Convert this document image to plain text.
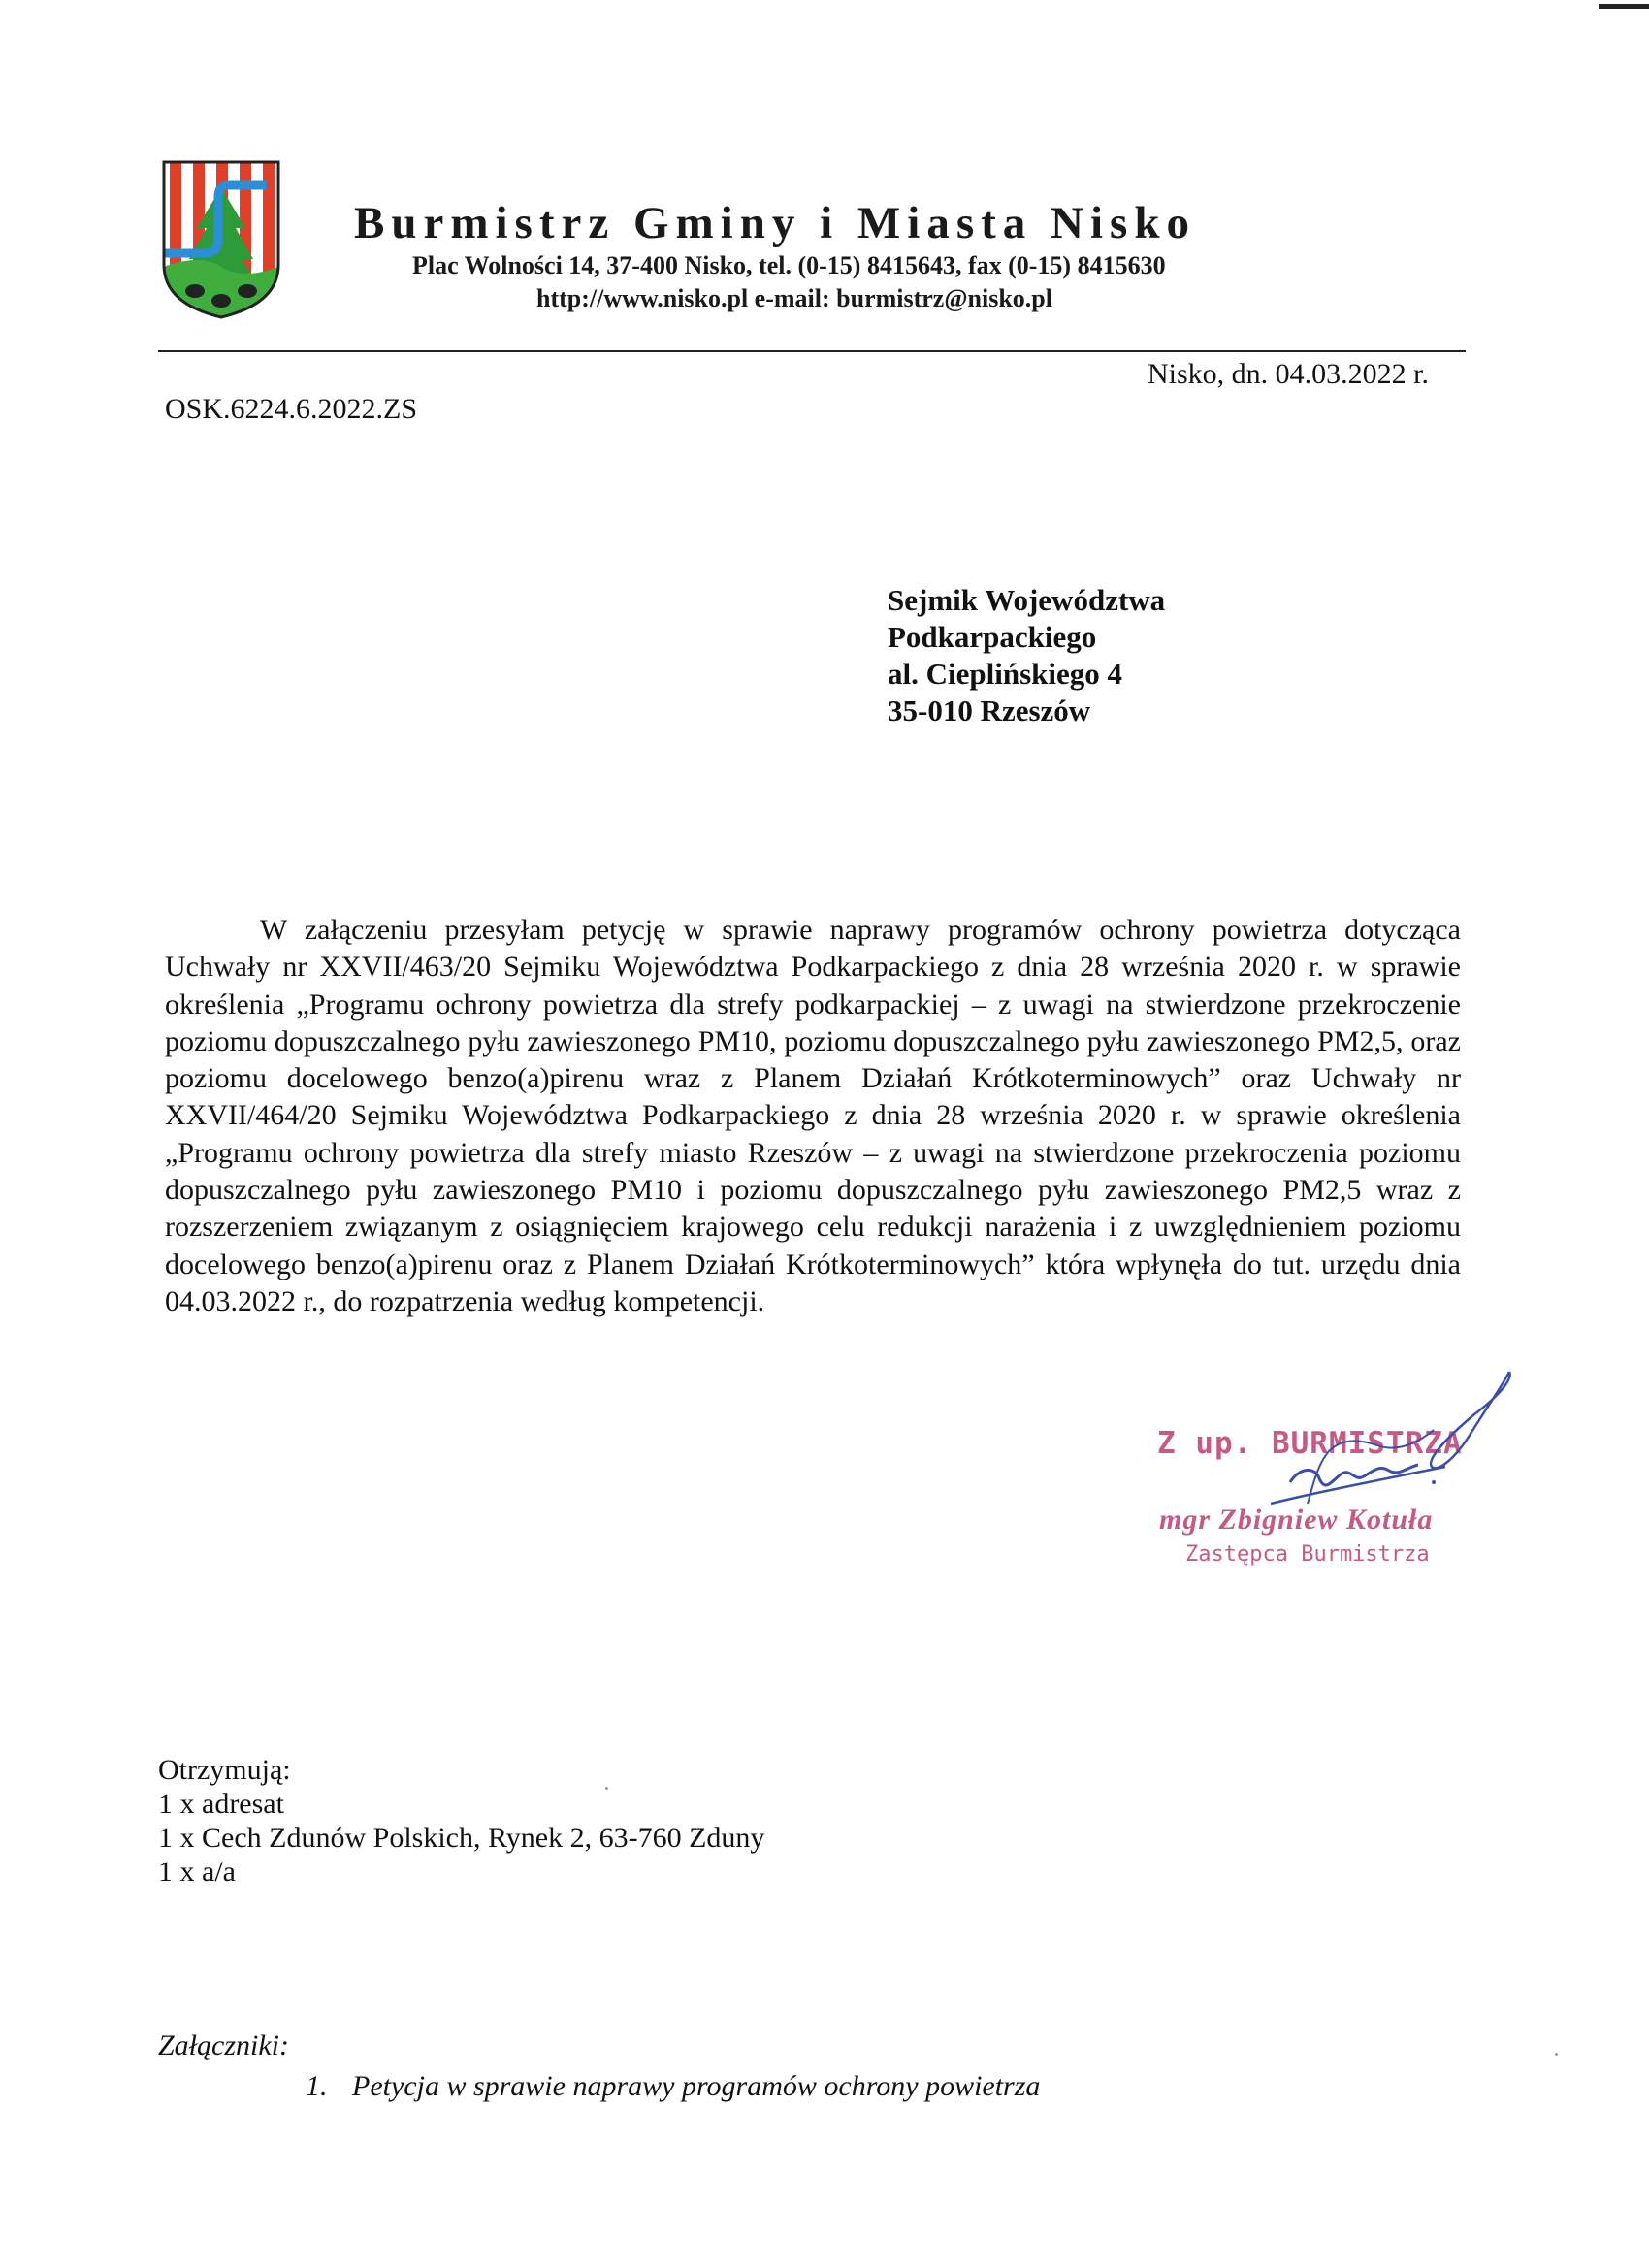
Burmistrz Gminy i Miasta Nisko
Plac Wolności 14, 37-400 Nisko, tel. (0-15) 8415643, fax (0-15) 8415630
http://www.nisko.pl e-mail: burmistrz@nisko.pl
OSK.6224.6.2022.ZS
Nisko, dn. 04.03.2022 r.
Sejmik Województwa
Podkarpackiego
al. Cieplińskiego 4
35-010 Rzeszów

W załączeniu przesyłam petycję w sprawie naprawy programów ochrony powietrza dotycząca Uchwały nr XXVII/463/20 Sejmiku Województwa Podkarpackiego z dnia 28 września 2020 r. w sprawie określenia „Programu ochrony powietrza dla strefy podkarpackiej – z uwagi na stwierdzone przekroczenie poziomu dopuszczalnego pyłu zawieszonego PM10, poziomu dopuszczalnego pyłu zawieszonego PM2,5, oraz poziomu docelowego benzo(a)pirenu wraz z Planem Działań Krótkoterminowych” oraz Uchwały nr XXVII/464/20 Sejmiku Województwa Podkarpackiego z dnia 28 września 2020 r. w sprawie określenia „Programu ochrony powietrza dla strefy miasto Rzeszów – z uwagi na stwierdzone przekroczenia poziomu dopuszczalnego pyłu zawieszonego PM10 i poziomu dopuszczalnego pyłu zawieszonego PM2,5 wraz z rozszerzeniem związanym z osiągnięciem krajowego celu redukcji narażenia i z uwzględnieniem poziomu docelowego benzo(a)pirenu oraz z Planem Działań Krótkoterminowych” która wpłynęła do tut. urzędu dnia 04.03.2022 r., do rozpatrzenia według kompetencji.

Z up. BURMISTRZA
mgr Zbigniew Kotuła
Zastępca Burmistrza
Otrzymują:
1 x adresat
1 x Cech Zdunów Polskich, Rynek 2, 63-760 Zduny
1 x a/a
Załączniki:
1. Petycja w sprawie naprawy programów ochrony powietrza
